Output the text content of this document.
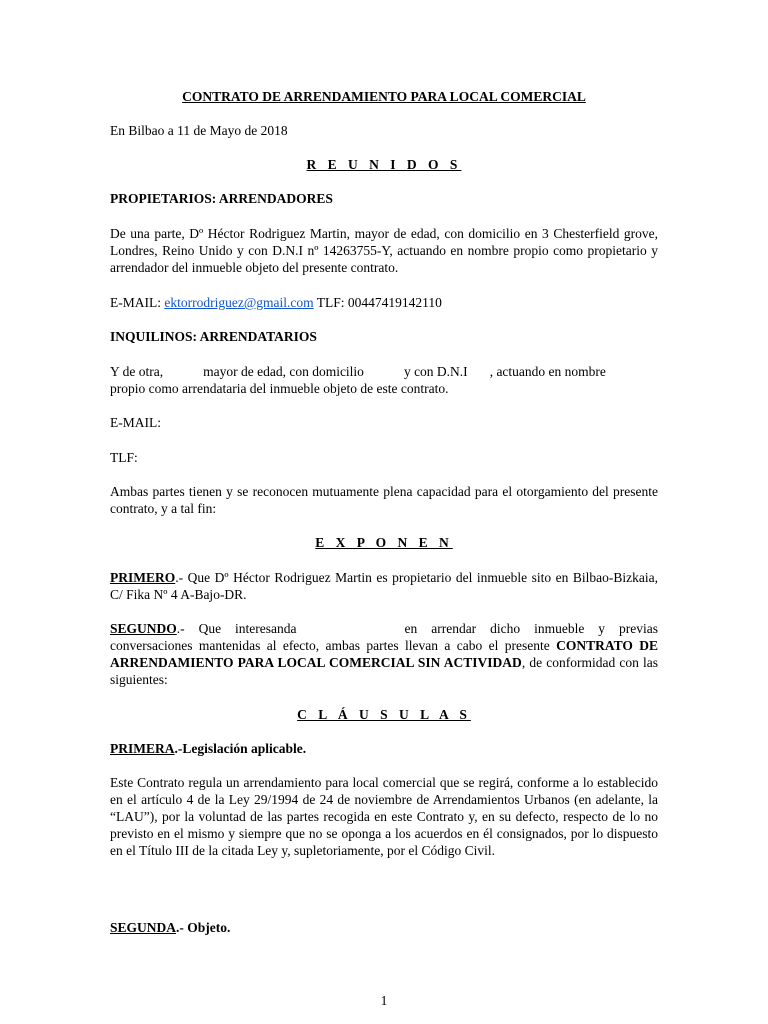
CONTRATO DE ARRENDAMIENTO PARA LOCAL COMERCIAL
En Bilbao a 11 de Mayo de 2018
R E U N I D O S
PROPIETARIOS: ARRENDADORES
De una parte, Dº Héctor Rodriguez Martin, mayor de edad, con domicilio en 3 Chesterfield grove, Londres, Reino Unido y con D.N.I nº 14263755-Y, actuando en nombre propio como propietario y arrendador del inmueble objeto del presente contrato.
E-MAIL: ektorrodriguez@gmail.com TLF: 00447419142110
INQUILINOS: ARRENDATARIOS
Y de otra,	mayor de edad, con domicilio	y con D.N.I , actuando en nombre
propio como arrendataria del inmueble objeto de este contrato.
E-MAIL:
TLF:
Ambas partes tienen y se reconocen mutuamente plena capacidad para el otorgamiento del presente contrato, y a tal fin:
E X P O N E N
PRIMERO.- Que Dº Héctor Rodriguez Martin es propietario del inmueble sito en Bilbao-Bizkaia, C/ Fika Nº 4 A-Bajo-DR.
SEGUNDO.- Que interesanda	en arrendar dicho inmueble y previas conversaciones mantenidas al efecto, ambas partes llevan a cabo el presente CONTRATO DE ARRENDAMIENTO PARA LOCAL COMERCIAL SIN ACTIVIDAD, de conformidad con las siguientes:
C L Á U S U L A S
PRIMERA.-Legislación aplicable.
Este Contrato regula un arrendamiento para local comercial que se regirá, conforme a lo establecido en el artículo 4 de la Ley 29/1994 de 24 de noviembre de Arrendamientos Urbanos (en adelante, la “LAU”), por la voluntad de las partes recogida en este Contrato y, en su defecto, respecto de lo no previsto en el mismo y siempre que no se oponga a los acuerdos en él consignados, por lo dispuesto en el Título III de la citada Ley y, supletoriamente, por el Código Civil.
SEGUNDA.- Objeto.
1
